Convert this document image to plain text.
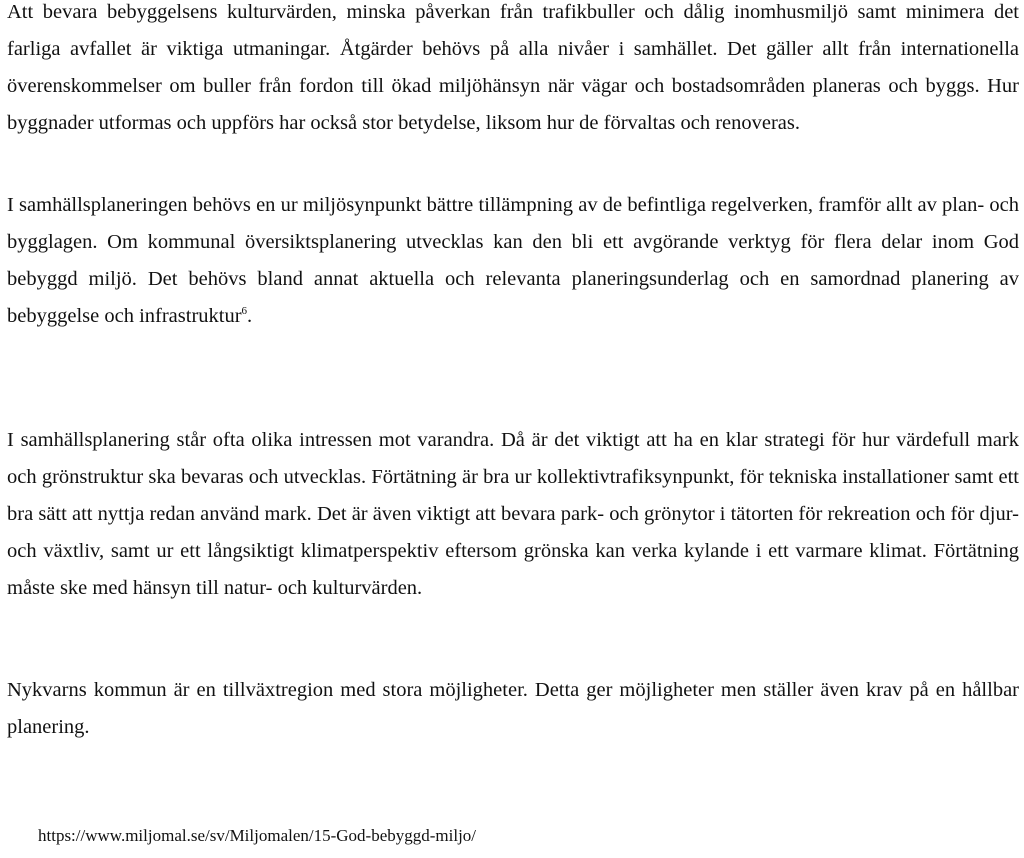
Att bevara bebyggelsens kulturvärden, minska påverkan från trafikbuller och dålig inomhusmiljö samt minimera det farliga avfallet är viktiga utmaningar. Åtgärder behövs på alla nivåer i samhället. Det gäller allt från internationella överenskommelser om buller från fordon till ökad miljöhänsyn när vägar och bostadsområden planeras och byggs. Hur byggnader utformas och uppförs har också stor betydelse, liksom hur de förvaltas och renoveras.

I samhällsplaneringen behövs en ur miljösynpunkt bättre tillämpning av de befintliga regelverken, framför allt av plan- och bygglagen. Om kommunal översiktsplanering utvecklas kan den bli ett avgörande verktyg för flera delar inom God bebyggd miljö. Det behövs bland annat aktuella och relevanta planeringsunderlag och en samordnad planering av bebyggelse och infrastruktur$^6$.

I samhällsplanering står ofta olika intressen mot varandra. Då är det viktigt att ha en klar strategi för hur värdefull mark och grönstruktur ska bevaras och utvecklas. Förtätning är bra ur kollektivtrafiksynpunkt, för tekniska installationer samt ett bra sätt att nyttja redan använd mark. Det är även viktigt att bevara park- och grönytor i tätorten för rekreation och för djur- och växtliv, samt ur ett långsiktigt klimatperspektiv eftersom grönska kan verka kylande i ett varmare klimat. Förtätning måste ske med hänsyn till natur- och kulturvärden.

Nykvarns kommun är en tillväxtregion med stora möjligheter. Detta ger möjligheter men ställer även krav på en hållbar planering.

https://www.miljomal.se/sv/Miljomalen/15-God-bebyggd-miljo/
